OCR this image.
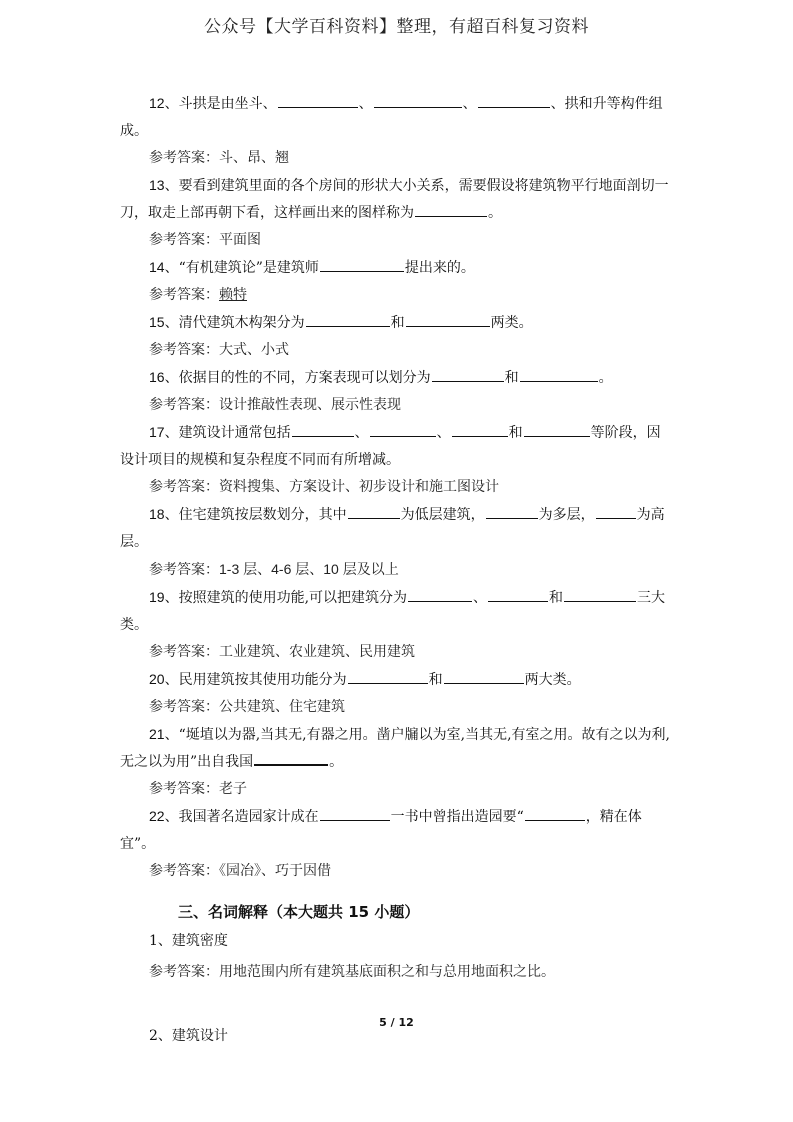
公众号【大学百科资料】整理，有超百科复习资料

12、斗拱是由坐斗、	、	、	、拱和升等构件组成。

参考答案：斗、昂、翘

13、要看到建筑里面的各个房间的形状大小关系，需要假设将建筑物平行地面剖切一刀，取走上部再朝下看，这样画出来的图样称为	。

参考答案：平面图

14、“有机建筑论”是建筑师	提出来的。

参考答案：赖特

15、清代建筑木构架分为	和	两类。

参考答案：大式、小式

16、依据目的性的不同，方案表现可以划分为	和	。

参考答案：设计推敲性表现、展示性表现

17、建筑设计通常包括	、	、	和	等阶段，因设计项目的规模和复杂程度不同而有所增减。

参考答案：资料搜集、方案设计、初步设计和施工图设计

18、住宅建筑按层数划分，其中	为低层建筑，	为多层，	为高层。

参考答案：1-3 层、4-6 层、10 层及以上

19、按照建筑的使用功能,可以把建筑分为	、	和	三大类。

参考答案：工业建筑、农业建筑、民用建筑

20、民用建筑按其使用功能分为	和	两大类。

参考答案：公共建筑、住宅建筑

21、“埏埴以为器,当其无,有器之用。凿户牖以为室,当其无,有室之用。故有之以为利,无之以为用”出自我国	。

参考答案：老子

22、我国著名造园家计成在	一书中曾指出造园要“	，精在体宜”。

参考答案：《园冶》、巧于因借

三、名词解释（本大题共 15 小题）

1、建筑密度

参考答案：用地范围内所有建筑基底面积之和与总用地面积之比。

2、建筑设计

5 / 12
